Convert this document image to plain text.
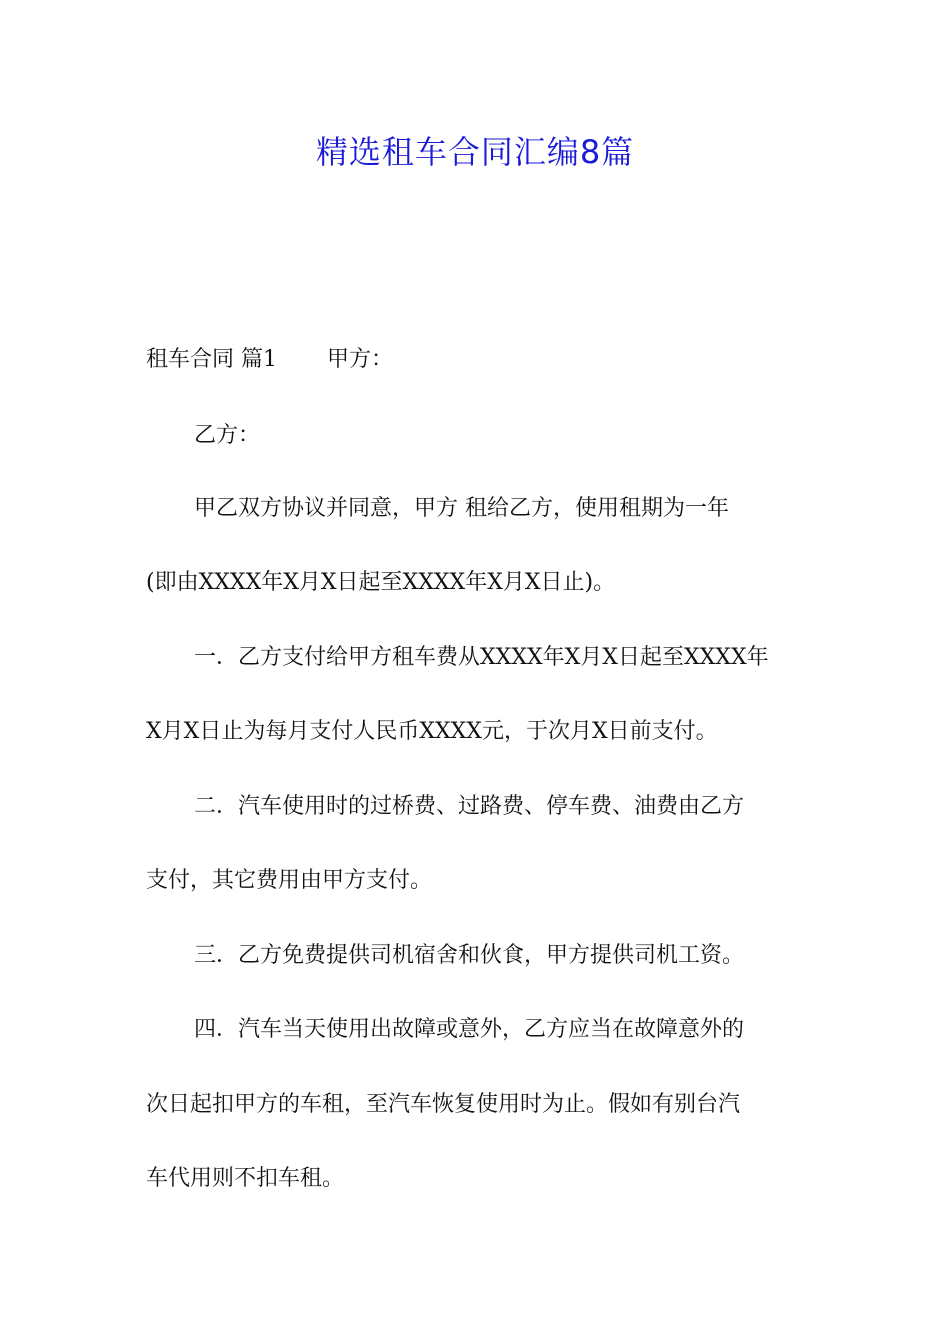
精选租车合同汇编8篇
租车合同 篇1 甲方：
乙方：
甲乙双方协议并同意，甲方 租给乙方，使用租期为一年
(即由XXXX年X月X日起至XXXX年X月X日止)。
一．乙方支付给甲方租车费从XXXX年X月X日起至XXXX年
X月X日止为每月支付人民币XXXX元，于次月X日前支付。
二．汽车使用时的过桥费、过路费、停车费、油费由乙方
支付，其它费用由甲方支付。
三．乙方免费提供司机宿舍和伙食，甲方提供司机工资。
四．汽车当天使用出故障或意外，乙方应当在故障意外的
次日起扣甲方的车租，至汽车恢复使用时为止。假如有别台汽
车代用则不扣车租。
